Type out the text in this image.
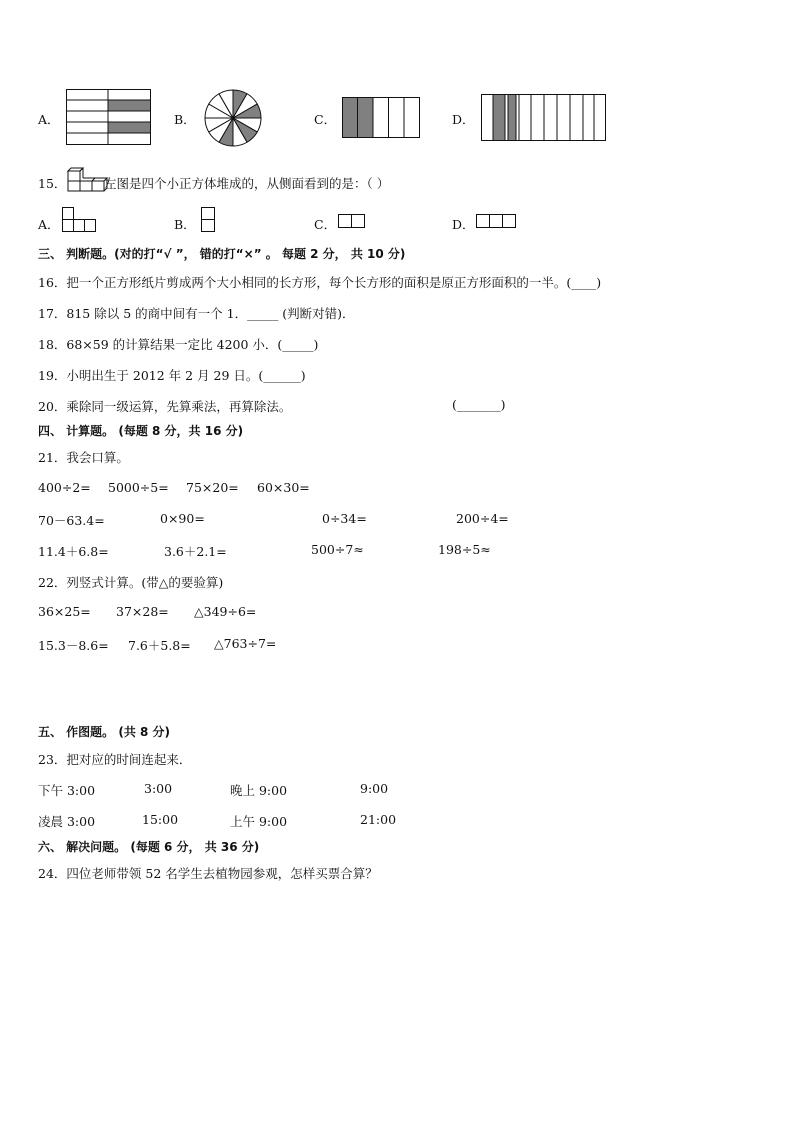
A．	B．	C．	D．
15．	左图是四个小正方体堆成的，从侧面看到的是：（ ）
A．	B．	C．	D．
三、 判断题。(对的打“√ ”， 错的打“×” 。 每题 2 分， 共 10 分)
16．把一个正方形纸片剪成两个大小相同的长方形，每个长方形的面积是原正方形面积的一半。(____)
17．815 除以 5 的商中间有一个 1．_____ (判断对错)．
18．68×59 的计算结果一定比 4200 小．(_____)
19．小明出生于 2012 年 2 月 29 日。(______)
20．乘除同一级运算，先算乘法，再算除法。	(_______)
四、 计算题。 (每题 8 分，共 16 分)
21．我会口算。
400÷2= 5000÷5= 75×20= 60×30=
70－63.4=	0×90=	0÷34=	200÷4=
11.4＋6.8=	3.6＋2.1=	500÷7≈	198÷5≈
22．列竖式计算。(带△的要验算)
36×25= 37×28= △349÷6=
15.3－8.6= 7.6＋5.8= △763÷7=
五、 作图题。 (共 8 分)
23．把对应的时间连起来．
下午 3:00	3:00	晚上 9:00	9:00
凌晨 3:00	15:00	上午 9:00	21:00
六、 解决问题。 (每题 6 分， 共 36 分)
24．四位老师带领 52 名学生去植物园参观，怎样买票合算？
